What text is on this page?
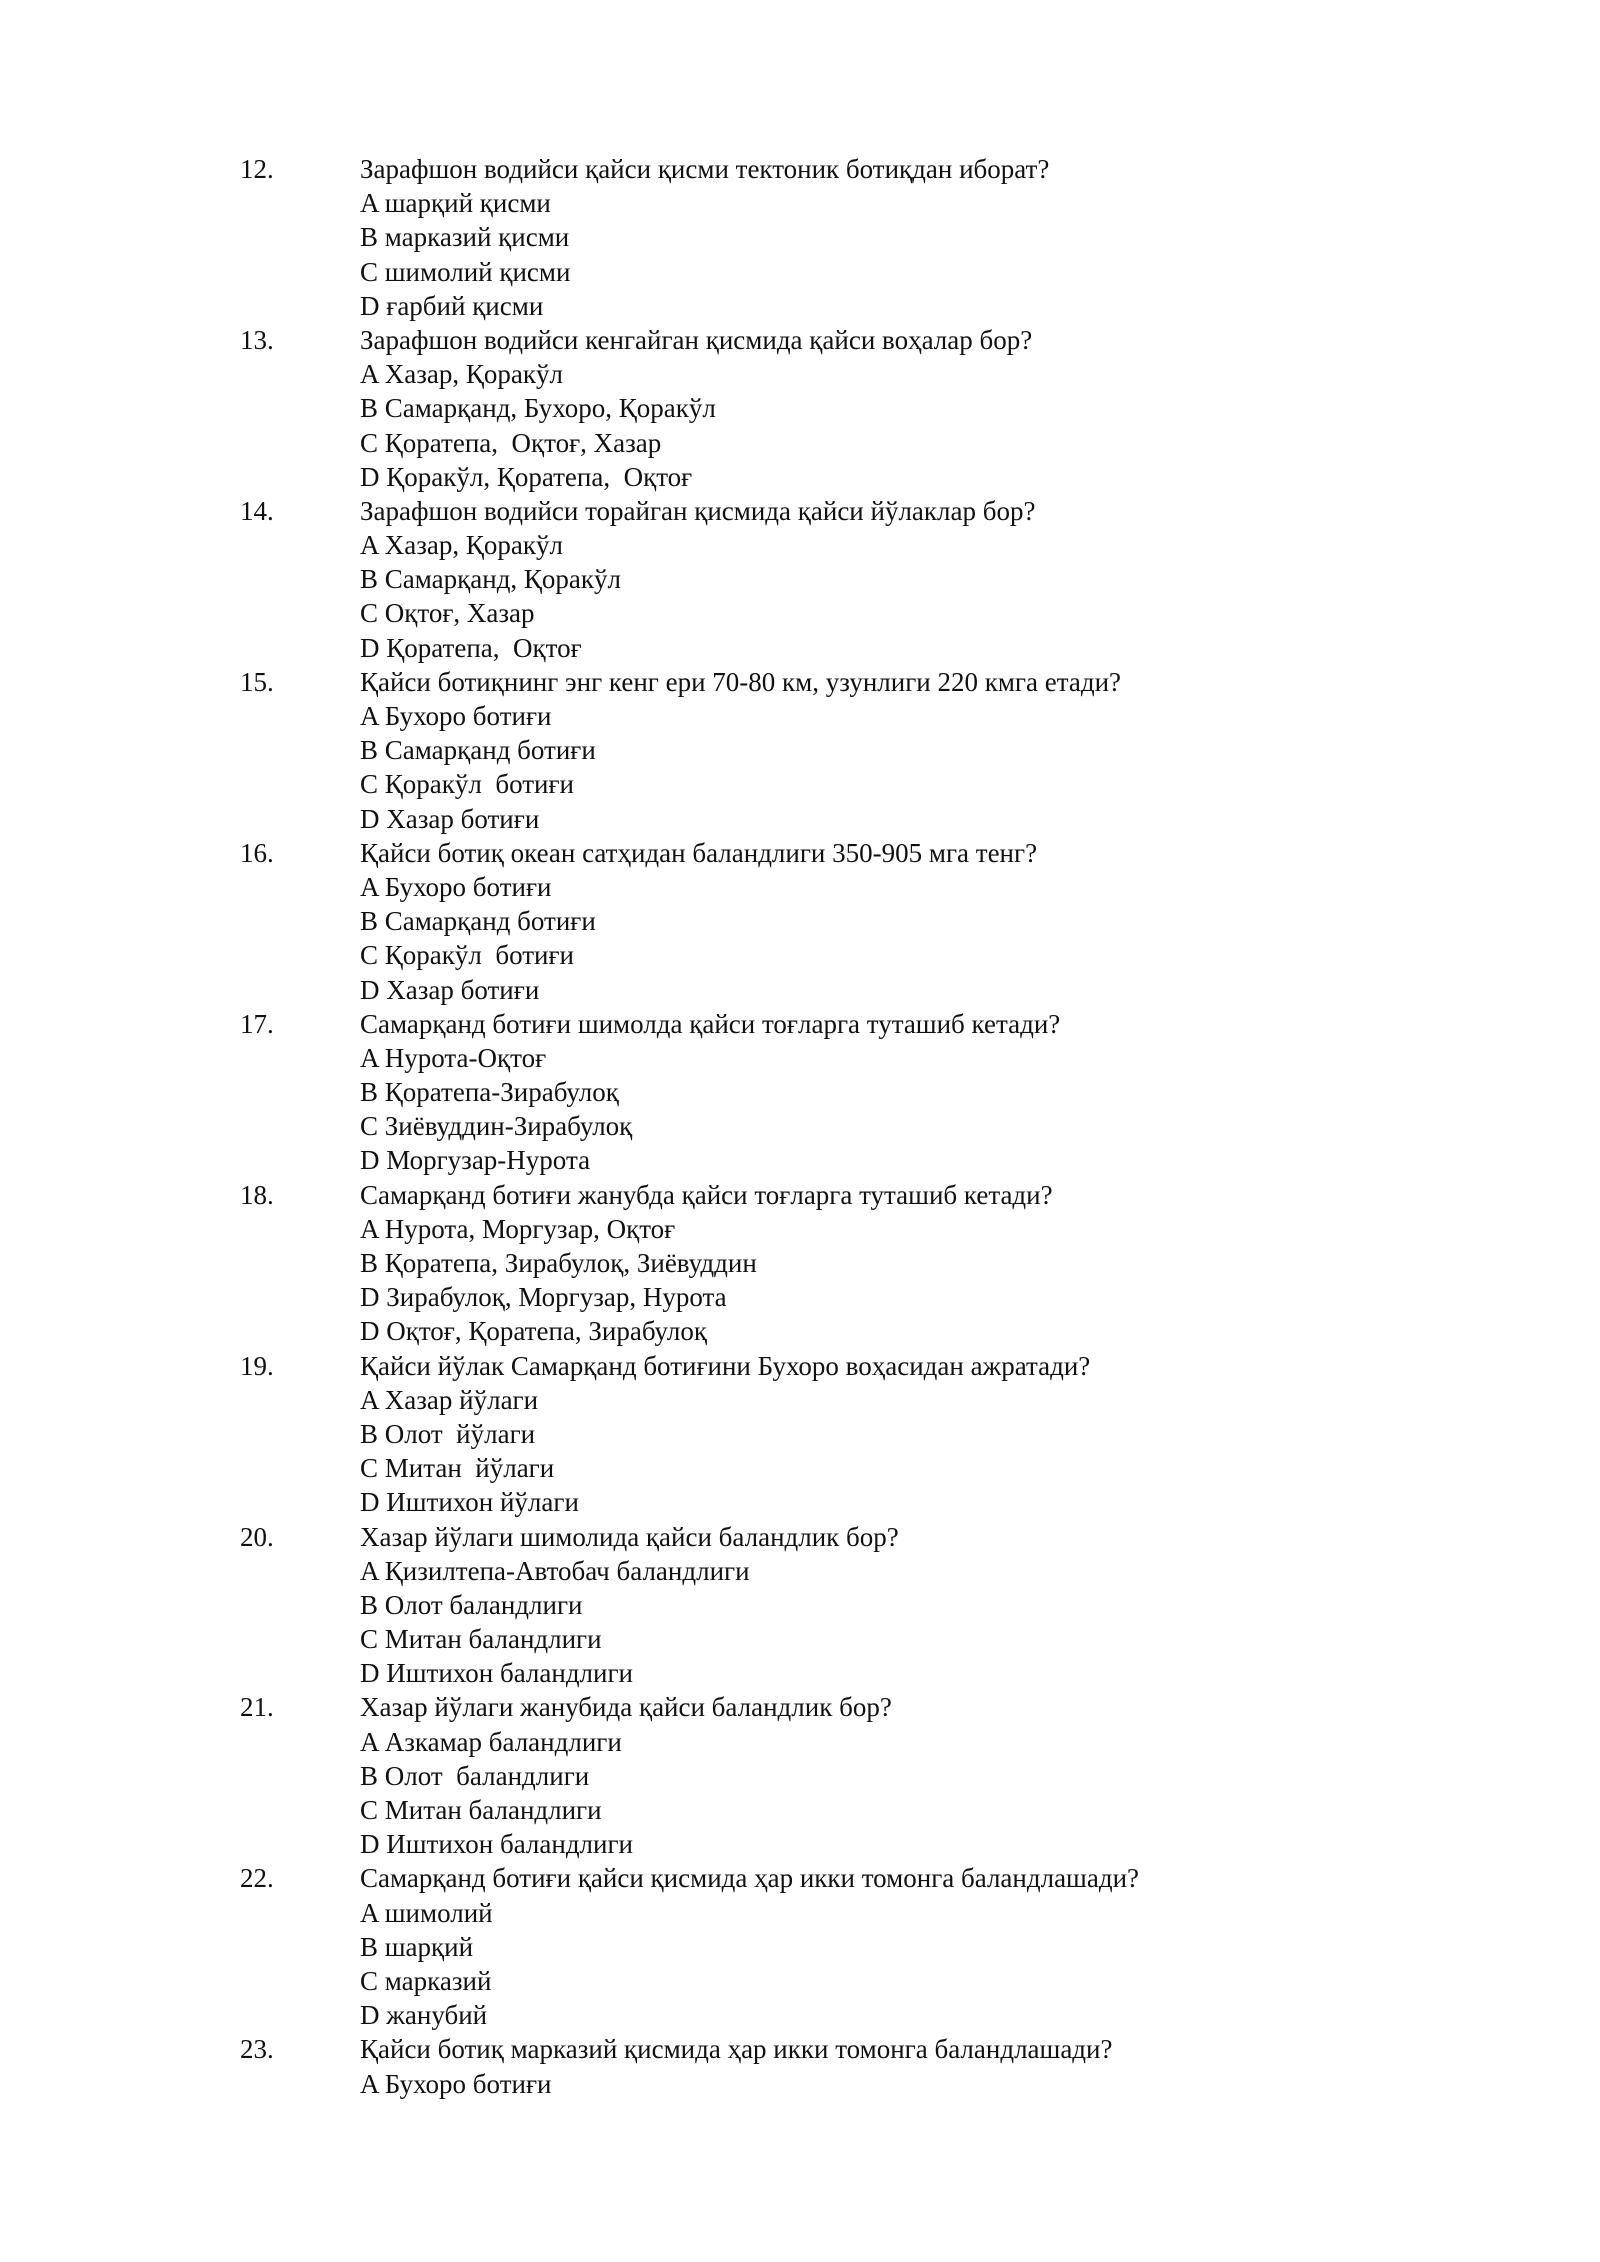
12.	Зарафшон водийси қайси қисми тектоник ботиқдан иборат?
A шарқий қисми
B марказий қисми
C шимолий қисми
D ғарбий қисми
13.	Зарафшон водийси кенгайган қисмида қайси воҳалар бор?
A Хазар, Қоракўл
B Самарқанд, Бухоро, Қоракўл
C Қоратепа,  Оқтоғ, Хазар
D Қоракўл, Қоратепа,  Оқтоғ
14.	Зарафшон водийси торайган қисмида қайси йўлаклар бор?
A Хазар, Қоракўл
B Самарқанд, Қоракўл
C Оқтоғ, Хазар
D Қоратепа,  Оқтоғ
15.	Қайси ботиқнинг энг кенг ери 70-80 км, узунлиги 220 кмга етади?
A Бухоро ботиғи
B Самарқанд ботиғи
C Қоракўл  ботиғи
D Хазар ботиғи
16.	Қайси ботиқ океан сатҳидан баландлиги 350-905 мга тенг?
A Бухоро ботиғи
B Самарқанд ботиғи
C Қоракўл  ботиғи
D Хазар ботиғи
17.	Самарқанд ботиғи шимолда қайси тоғларга туташиб кетади?
A Нурота-Оқтоғ
B Қоратепа-Зирабулоқ
C Зиёвуддин-Зирабулоқ
D Моргузар-Нурота
18.	Самарқанд ботиғи жанубда қайси тоғларга туташиб кетади?
A Нурота, Моргузар, Оқтоғ
B Қоратепа, Зирабулоқ, Зиёвуддин
D Зирабулоқ, Моргузар, Нурота
D Оқтоғ, Қоратепа, Зирабулоқ
19.	Қайси йўлак Самарқанд ботиғини Бухоро воҳасидан ажратади?
A Хазар йўлаги
B Олот  йўлаги
C Митан  йўлаги
D Иштихон йўлаги
20.	Хазар йўлаги шимолида қайси баландлик бор?
A Қизилтепа-Автобач баландлиги
B Олот баландлиги
C Митан баландлиги
D Иштихон баландлиги
21.	Хазар йўлаги жанубида қайси баландлик бор?
A Азкамар баландлиги
B Олот  баландлиги
C Митан баландлиги
D Иштихон баландлиги
22.	Самарқанд ботиғи қайси қисмида ҳар икки томонга баландлашади?
A шимолий
B шарқий
C марказий
D жанубий
23.	Қайси ботиқ марказий қисмида ҳар икки томонга баландлашади?
A Бухоро ботиғи
